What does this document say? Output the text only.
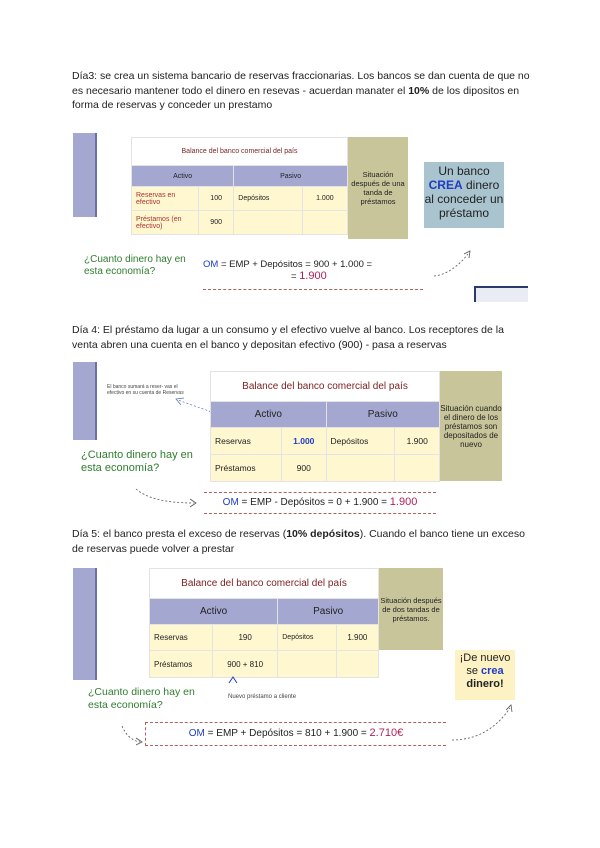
Día3: se crea un sistema bancario de reservas fraccionarias. Los bancos se dan cuenta de que no es necesario mantener todo el dinero en resevas - acuerdan manater el 10% de los dipositos en forma de reservas y conceder un prestamo
Balance del banco comercial del país			
Activo		Pasivo	
Reservas en efectivo	100	Depósitos	1.000
Préstamos (en efectivo)	900		
Situación después de una tanda de préstamos
Un banco
CREA dinero al conceder un préstamo
¿Cuanto dinero hay en esta economía?
OM = EMP + Depósitos = 900 + 1.000 =
= 1.900
Día 4: El préstamo da lugar a un consumo y el efectivo vuelve al banco. Los receptores de la venta abren una cuenta en el banco y depositan efectivo (900) - pasa a reservas
El banco sumará a reser- vas el efectivo en su cuenta de Reservas
Balance del banco comercial del país			
Activo		Pasivo	
Reservas	1.000	Depósitos	1.900
Préstamos	900		
Situación cuando el dinero de los préstamos son depositados de nuevo
¿Cuanto dinero hay en esta economía?
OM = EMP - Depósitos = 0 + 1.900 = 1.900
Día 5: el banco presta el exceso de reservas (10% depósitos). Cuando el banco tiene un exceso de reservas puede volver a prestar
Balance del banco comercial del país			
Activo		Pasivo	
Reservas	190	Depósitos	1.900
Préstamos	900 + 810		
Situación después de dos tandas de préstamos.
¡De nuevo se crea dinero!
¿Cuanto dinero hay en esta economía?
Nuevo préstamo a cliente
OM = EMP + Depósitos = 810 + 1.900 = 2.710€
